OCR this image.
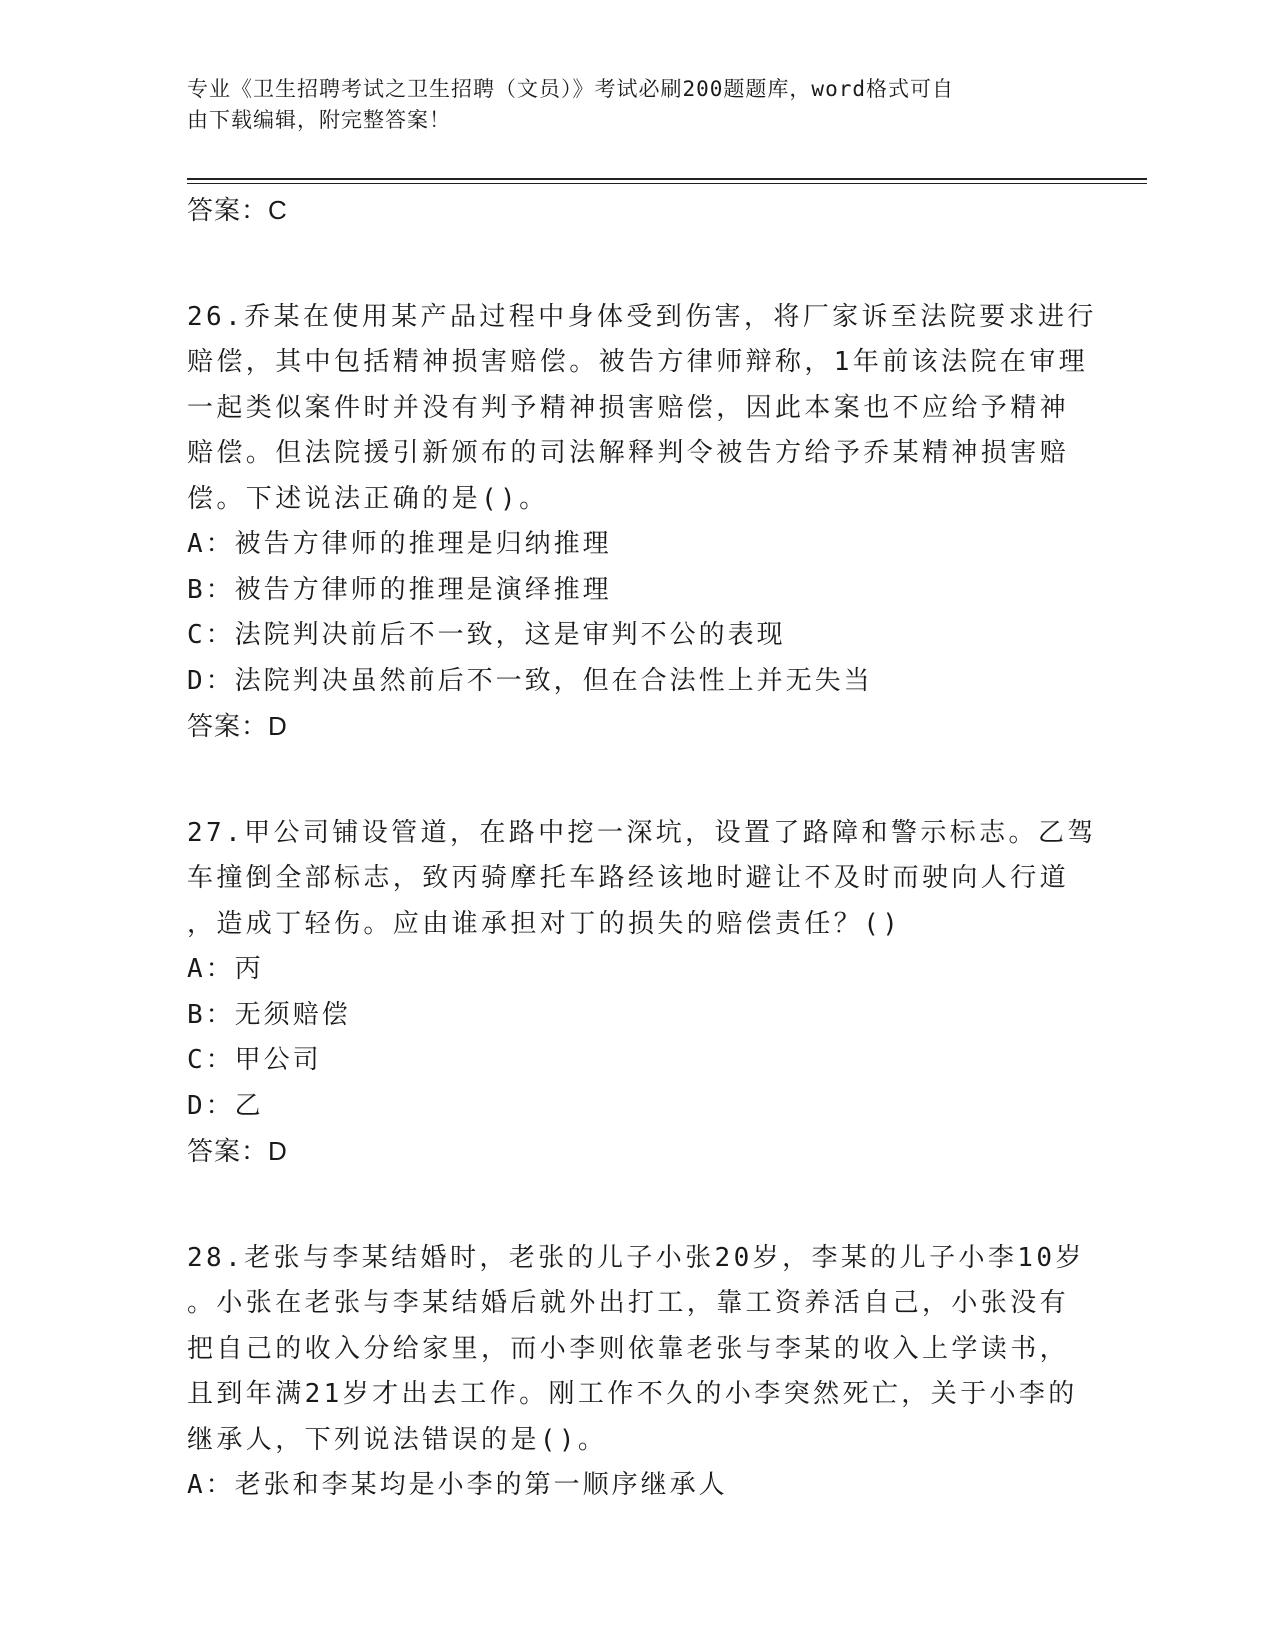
专业《卫生招聘考试之卫生招聘（文员）》考试必刷200题题库，word格式可自
由下载编辑，附完整答案！
答案：C
26.乔某在使用某产品过程中身体受到伤害，将厂家诉至法院要求进行
赔偿，其中包括精神损害赔偿。被告方律师辩称，1年前该法院在审理
一起类似案件时并没有判予精神损害赔偿，因此本案也不应给予精神
赔偿。但法院援引新颁布的司法解释判令被告方给予乔某精神损害赔
偿。下述说法正确的是()。
A：被告方律师的推理是归纳推理
B：被告方律师的推理是演绎推理
C：法院判决前后不一致，这是审判不公的表现
D：法院判决虽然前后不一致，但在合法性上并无失当
答案：D
27.甲公司铺设管道，在路中挖一深坑，设置了路障和警示标志。乙驾
车撞倒全部标志，致丙骑摩托车路经该地时避让不及时而驶向人行道
，造成丁轻伤。应由谁承担对丁的损失的赔偿责任？()
A：丙
B：无须赔偿
C：甲公司
D：乙
答案：D
28.老张与李某结婚时，老张的儿子小张20岁，李某的儿子小李10岁
。小张在老张与李某结婚后就外出打工，靠工资养活自己，小张没有
把自己的收入分给家里，而小李则依靠老张与李某的收入上学读书，
且到年满21岁才出去工作。刚工作不久的小李突然死亡，关于小李的
继承人，下列说法错误的是()。
A：老张和李某均是小李的第一顺序继承人
